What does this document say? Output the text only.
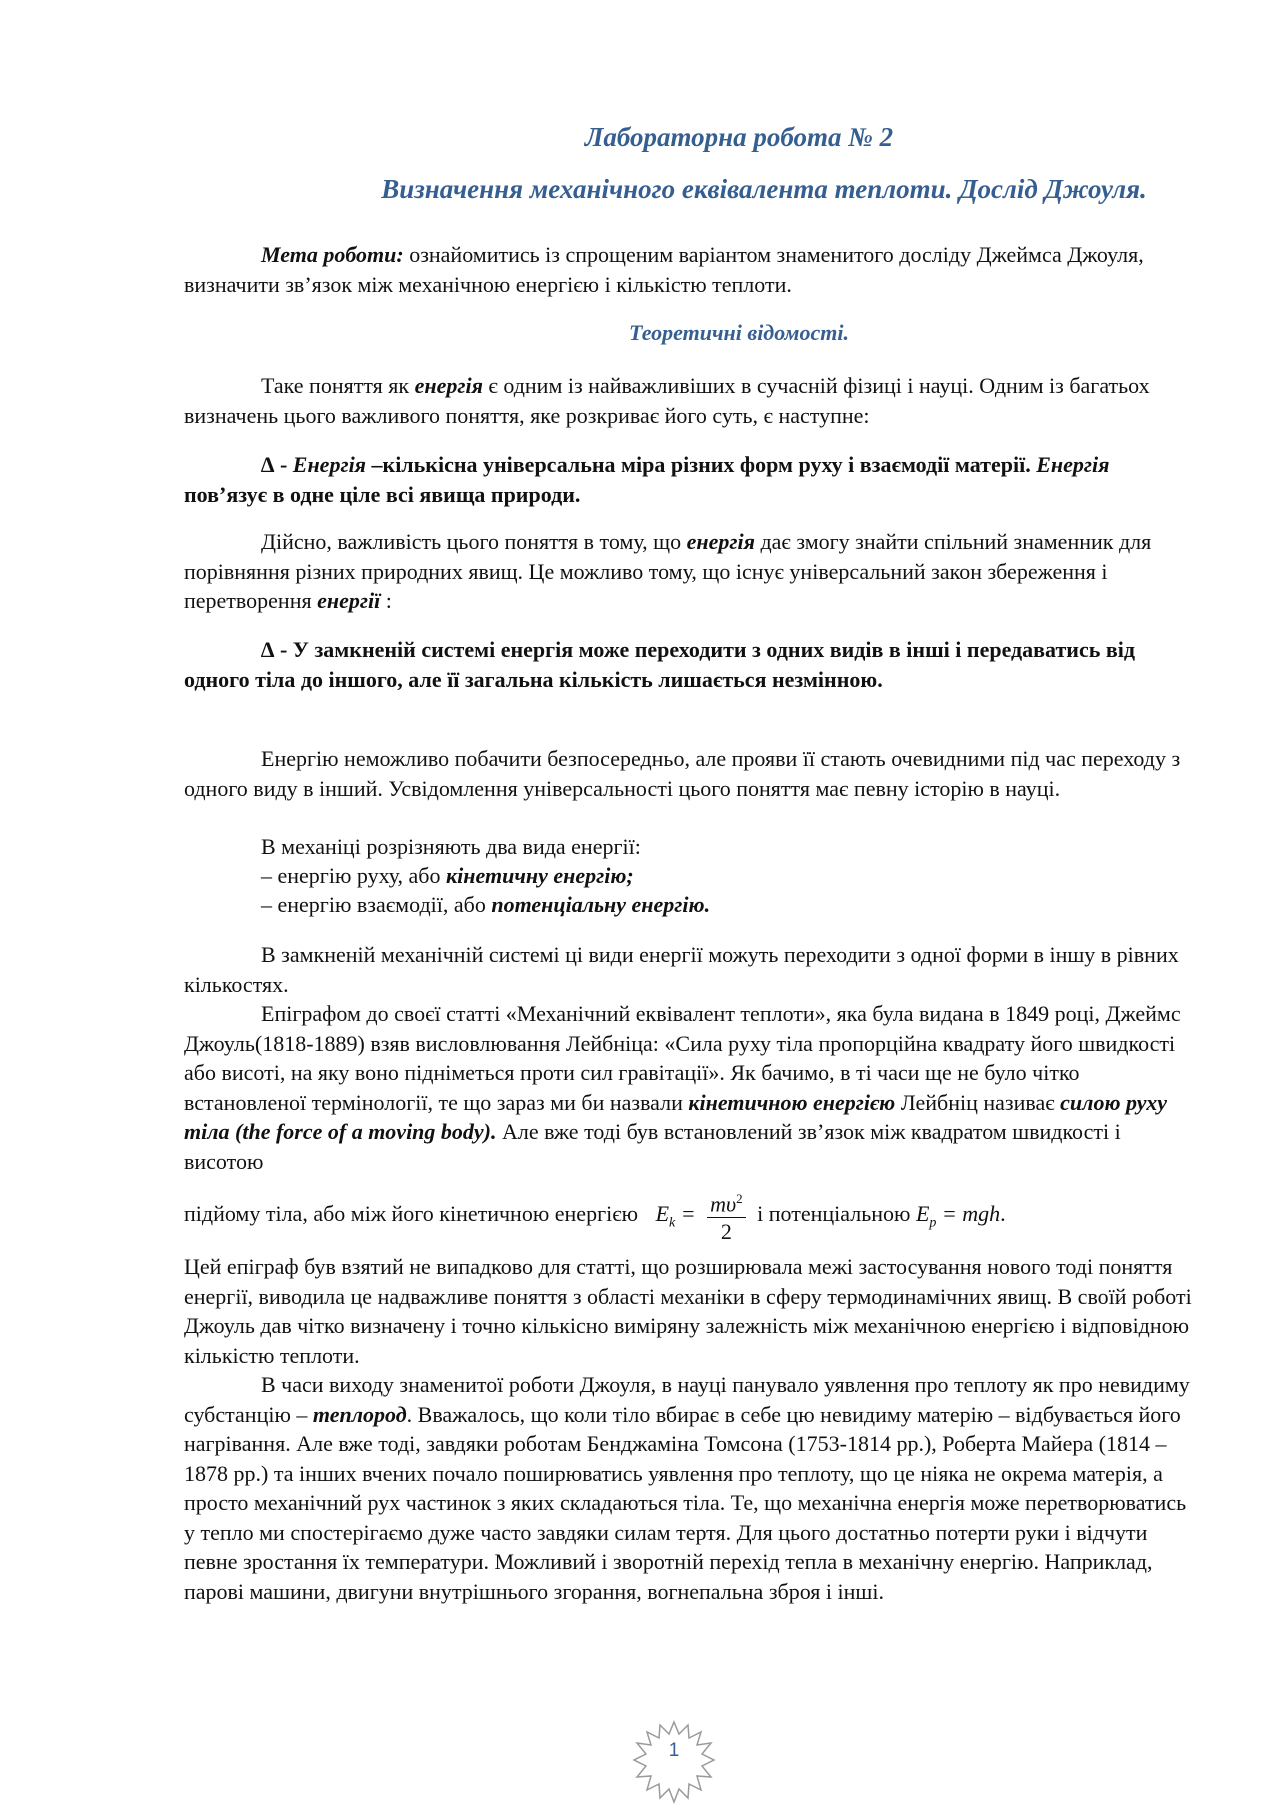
Лабораторна робота № 2
Визначення механічного еквівалента теплоти. Дослід Джоуля.
Мета роботи: ознайомитись із спрощеним варіантом знаменитого досліду Джеймса Джоуля, визначити зв’язок між механічною енергією і кількістю теплоти.
Теоретичні відомості.
Таке поняття як енергія є одним із найважливіших в сучасній фізиці і науці. Одним із багатьох визначень цього важливого поняття, яке розкриває його суть, є наступне:
∆ - Енергія –кількісна універсальна міра різних форм руху і взаємодії матерії. Енергія пов’язує в одне ціле всі явища природи.
Дійсно, важливість цього поняття в тому, що енергія дає змогу знайти спільний знаменник для порівняння різних природних явищ. Це можливо тому, що існує універсальний закон збереження і перетворення енергії :
∆ - У замкненій системі енергія може переходити з одних видів в інші і передаватись від одного тіла до іншого, але її загальна кількість лишається незмінною.
Енергію неможливо побачити безпосередньо, але прояви її стають очевидними під час переходу з одного виду в інший. Усвідомлення універсальності цього поняття має певну історію в науці.
В механіці розрізняють два вида енергії:
– енергію руху, або кінетичну енергію;
– енергію взаємодії, або потенціальну енергію.
В замкненій механічній системі ці види енергії можуть переходити з одної форми в іншу в рівних кількостях.
Епіграфом до своєї статті «Механічний еквівалент теплоти», яка була видана в 1849 році, Джеймс Джоуль(1818-1889) взяв висловлювання Лейбніца: «Сила руху тіла пропорційна квадрату його швидкості або висоті, на яку воно підніметься проти сил гравітації». Як бачимо, в ті часи ще не було чітко встановленої термінології, те що зараз ми би назвали кінетичною енергією Лейбніц називає силою руху тіла (the force of a moving body). Але вже тоді був встановлений зв’язок між квадратом швидкості і висотою
підйому тіла, або між його кінетичною енергією $E_k = \frac{m\upsilon^2}{2}$ і потенціальною $E_p$ = mgh.
Цей епіграф був взятий не випадково для статті, що розширювала межі застосування нового тоді поняття енергії, виводила це надважливе поняття з області механіки в сферу термодинамічних явищ. В своїй роботі Джоуль дав чітко визначену і точно кількісно виміряну залежність між механічною енергією і відповідною кількістю теплоти.
В часи виходу знаменитої роботи Джоуля, в науці панувало уявлення про теплоту як про невидиму субстанцію – теплород. Вважалось, що коли тіло вбирає в себе цю невидиму матерію – відбувається його нагрівання. Але вже тоді, завдяки роботам Бенджаміна Томсона (1753-1814 рр.), Роберта Майера (1814 – 1878 рр.) та інших вчених почало поширюватись уявлення про теплоту, що це ніяка не окрема матерія, а просто механічний рух частинок з яких складаються тіла. Те, що механічна енергія може перетворюватись у тепло ми спостерігаємо дуже часто завдяки силам тертя. Для цього достатньо потерти руки і відчути певне зростання їх температури. Можливий і зворотній перехід тепла в механічну енергію. Наприклад, парові машини, двигуни внутрішнього згорання, вогнепальна зброя і інші.
1
